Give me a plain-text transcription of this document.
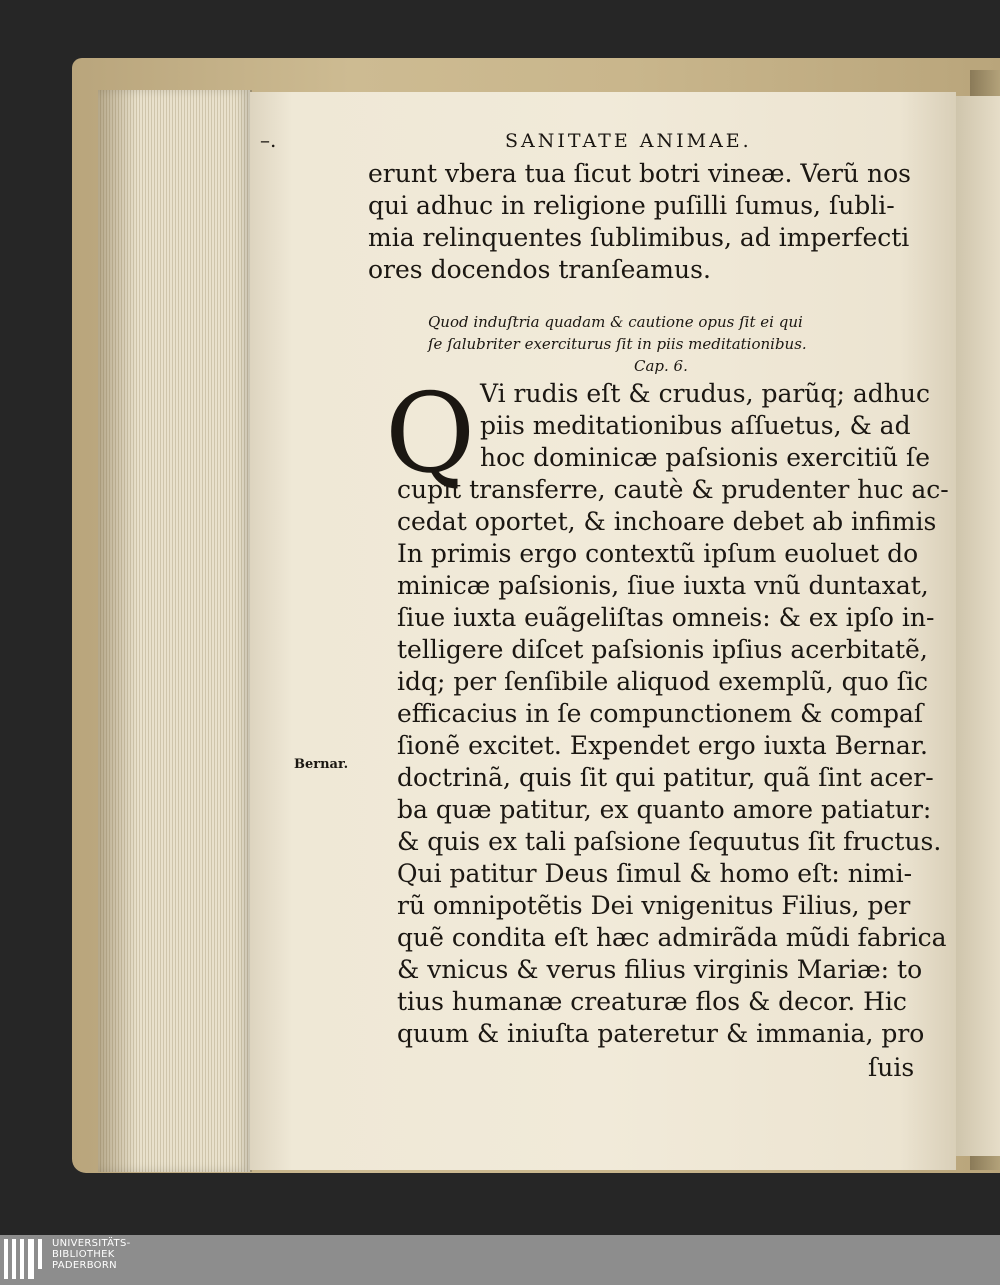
–.	SANITATE ANIMAE.
erunt vbera tua ſicut botri vineæ. Verũ nos
qui adhuc in religione puſilli ſumus, ſubli-
mia relinquentes ſublimibus, ad imperfecti
ores docendos tranſeamus.
Quod induſtria quadam & cautione opus ſit ei qui
ſe ſalubriter exerciturus ſit in piis meditationibus.
Cap. 6.
Q Vi rudis eſt & crudus, parũq; adhuc
piis meditationibus aſſuetus, & ad
hoc dominicæ paſsionis exercitiũ ſe
cupit transferre, cautè & prudenter huc ac-
cedat oportet, & inchoare debet ab infimis
In primis ergo contextũ ipſum euoluet do
minicæ paſsionis, ſiue iuxta vnũ duntaxat,
ſiue iuxta euãgeliſtas omneis: & ex ipſo in-
telligere diſcet paſsionis ipſius acerbitatẽ,
idq; per ſenſibile aliquod exemplũ, quo ſic
efficacius in ſe compunctionem & compaſ
ſionẽ excitet. Expendet ergo iuxta Bernar.
doctrinã, quis ſit qui patitur, quã ſint acer-
ba quæ patitur, ex quanto amore patiatur:
& quis ex tali paſsione ſequutus ſit fructus.
Qui patitur Deus ſimul & homo eſt: nimi-
rũ omnipotẽtis Dei vnigenitus Filius, per
quẽ condita eſt hæc admirãda mũdi fabrica
& vnicus & verus filius virginis Mariæ: to
tius humanæ creaturæ flos & decor. Hic
quum & iniuſta pateretur & immania, pro
ſuis
Bernar.
UNIVERSITÄTS-
BIBLIOTHEK
PADERBORN
